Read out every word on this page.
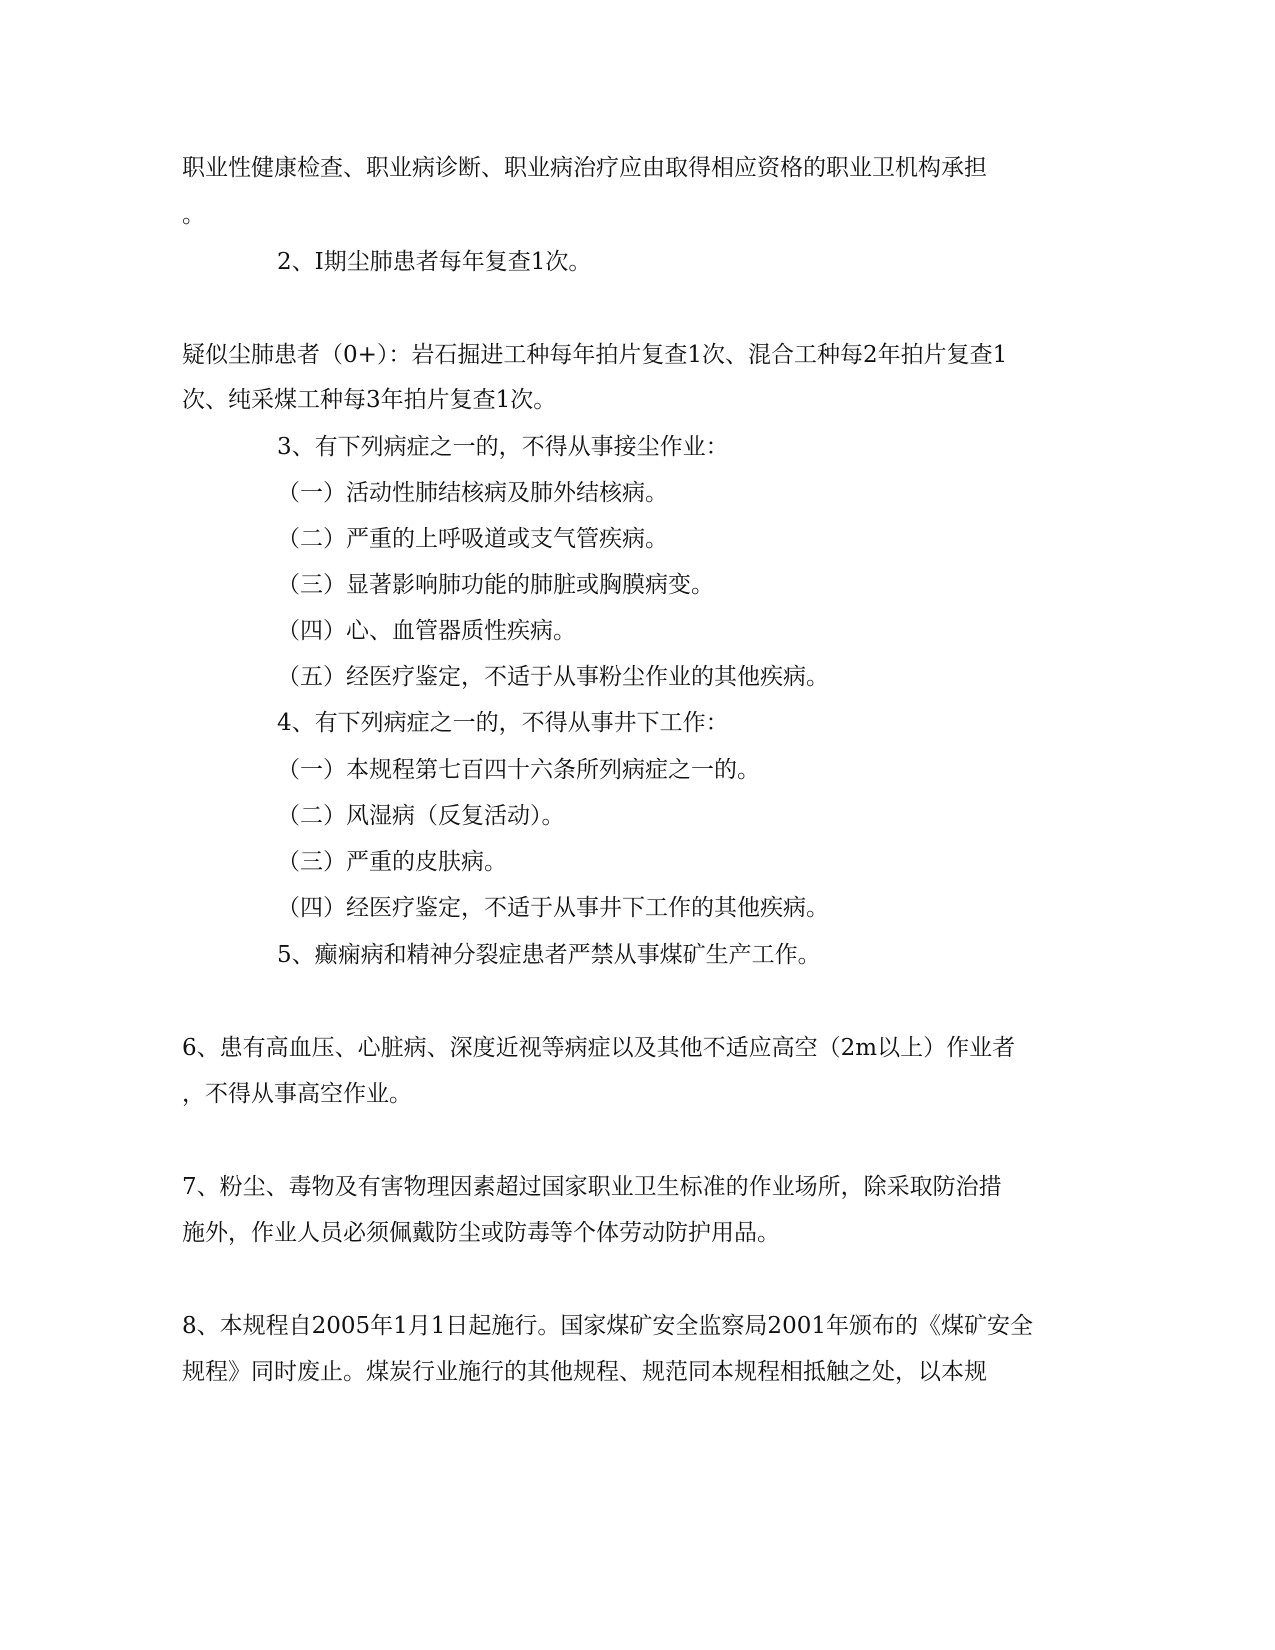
职业性健康检查、职业病诊断、职业病治疗应由取得相应资格的职业卫机构承担
。
2、I期尘肺患者每年复查1次。
疑似尘肺患者（0+）：岩石掘进工种每年拍片复查1次、混合工种每2年拍片复查1
次、纯采煤工种每3年拍片复查1次。
3、有下列病症之一的，不得从事接尘作业：
（一）活动性肺结核病及肺外结核病。
（二）严重的上呼吸道或支气管疾病。
（三）显著影响肺功能的肺脏或胸膜病变。
（四）心、血管器质性疾病。
（五）经医疗鉴定，不适于从事粉尘作业的其他疾病。
4、有下列病症之一的，不得从事井下工作：
（一）本规程第七百四十六条所列病症之一的。
（二）风湿病（反复活动）。
（三）严重的皮肤病。
（四）经医疗鉴定，不适于从事井下工作的其他疾病。
5、癫痫病和精神分裂症患者严禁从事煤矿生产工作。
6、患有高血压、心脏病、深度近视等病症以及其他不适应高空（2m以上）作业者
，不得从事高空作业。
7、粉尘、毒物及有害物理因素超过国家职业卫生标准的作业场所，除采取防治措
施外，作业人员必须佩戴防尘或防毒等个体劳动防护用品。
8、本规程自2005年1月1日起施行。国家煤矿安全监察局2001年颁布的《煤矿安全
规程》同时废止。煤炭行业施行的其他规程、规范同本规程相抵触之处，以本规
